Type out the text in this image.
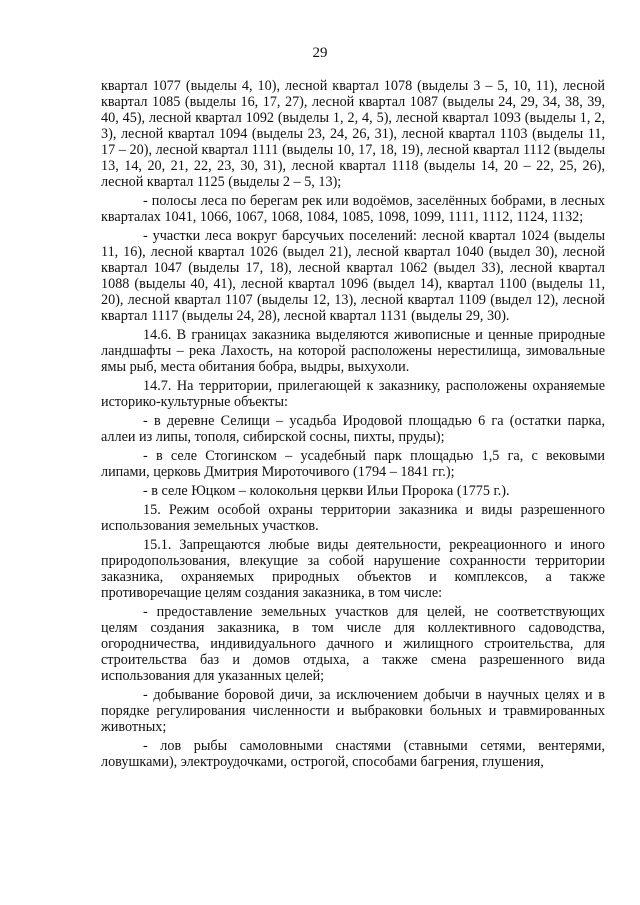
29

квартал 1077 (выделы 4, 10), лесной квартал 1078 (выделы 3 – 5, 10, 11), лесной квартал 1085 (выделы 16, 17, 27), лесной квартал 1087 (выделы 24, 29, 34, 38, 39, 40, 45), лесной квартал 1092 (выделы 1, 2, 4, 5), лесной квартал 1093 (выделы 1, 2, 3), лесной квартал 1094 (выделы 23, 24, 26, 31), лесной квартал 1103 (выделы 11, 17 – 20), лесной квартал 1111 (выделы 10, 17, 18, 19), лесной квартал 1112 (выделы 13, 14, 20, 21, 22, 23, 30, 31), лесной квартал 1118 (выделы 14, 20 – 22, 25, 26), лесной квартал 1125 (выделы 2 – 5, 13);

- полосы леса по берегам рек или водоёмов, заселённых бобрами, в лесных кварталах 1041, 1066, 1067, 1068, 1084, 1085, 1098, 1099, 1111, 1112, 1124, 1132;

- участки леса вокруг барсучьих поселений: лесной квартал 1024 (выделы 11, 16), лесной квартал 1026 (выдел 21), лесной квартал 1040 (выдел 30), лесной квартал 1047 (выделы 17, 18), лесной квартал 1062 (выдел 33), лесной квартал 1088 (выделы 40, 41), лесной квартал 1096 (выдел 14), квартал 1100 (выделы 11, 20), лесной квартал 1107 (выделы 12, 13), лесной квартал 1109 (выдел 12), лесной квартал 1117 (выделы 24, 28), лесной квартал 1131 (выделы 29, 30).

14.6. В границах заказника выделяются живописные и ценные природные ландшафты – река Лахость, на которой расположены нерестилища, зимовальные ямы рыб, места обитания бобра, выдры, выхухоли.

14.7. На территории, прилегающей к заказнику, расположены охраняемые историко-культурные объекты:

- в деревне Селищи – усадьба Иродовой площадью 6 га (остатки парка, аллеи из липы, тополя, сибирской сосны, пихты, пруды);

- в селе Стогинском – усадебный парк площадью 1,5 га, с вековыми липами, церковь Дмитрия Мироточивого (1794 – 1841 гг.);

- в селе Юцком – колокольня церкви Ильи Пророка (1775 г.).

15. Режим особой охраны территории заказника и виды разрешенного использования земельных участков.

15.1. Запрещаются любые виды деятельности, рекреационного и иного природопользования, влекущие за собой нарушение сохранности территории заказника, охраняемых природных объектов и комплексов, а также противоречащие целям создания заказника, в том числе:

- предоставление земельных участков для целей, не соответствующих целям создания заказника, в том числе для коллективного садоводства, огородничества, индивидуального дачного и жилищного строительства, для строительства баз и домов отдыха, а также смена разрешенного вида использования для указанных целей;

- добывание боровой дичи, за исключением добычи в научных целях и в порядке регулирования численности и выбраковки больных и травмированных животных;

- лов рыбы самоловными снастями (ставными сетями, вентерями, ловушками), электроудочками, острогой, способами багрения, глушения,
